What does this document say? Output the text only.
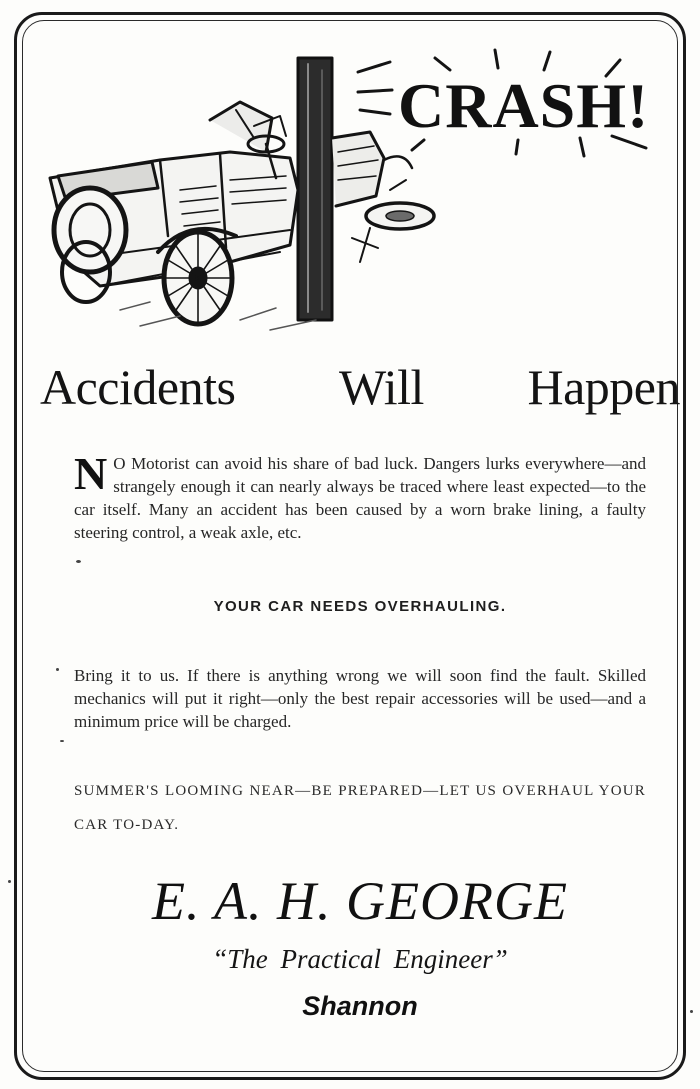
CRASH!
Accidents Will Happen
N O Motorist can avoid his share of bad luck. Dangers lurks everywhere—and strangely enough it can nearly always be traced where least expected—to the car itself. Many an accident has been caused by a worn brake lining, a faulty steering control, a weak axle, etc.
YOUR CAR NEEDS OVERHAULING.
Bring it to us. If there is anything wrong we will soon find the fault. Skilled mechanics will put it right—only the best repair accessories will be used—and a minimum price will be charged.
SUMMER'S LOOMING NEAR—BE PREPARED—LET US OVERHAUL YOUR CAR TO-DAY.
E. A. H. GEORGE
“The Practical Engineer”
Shannon
